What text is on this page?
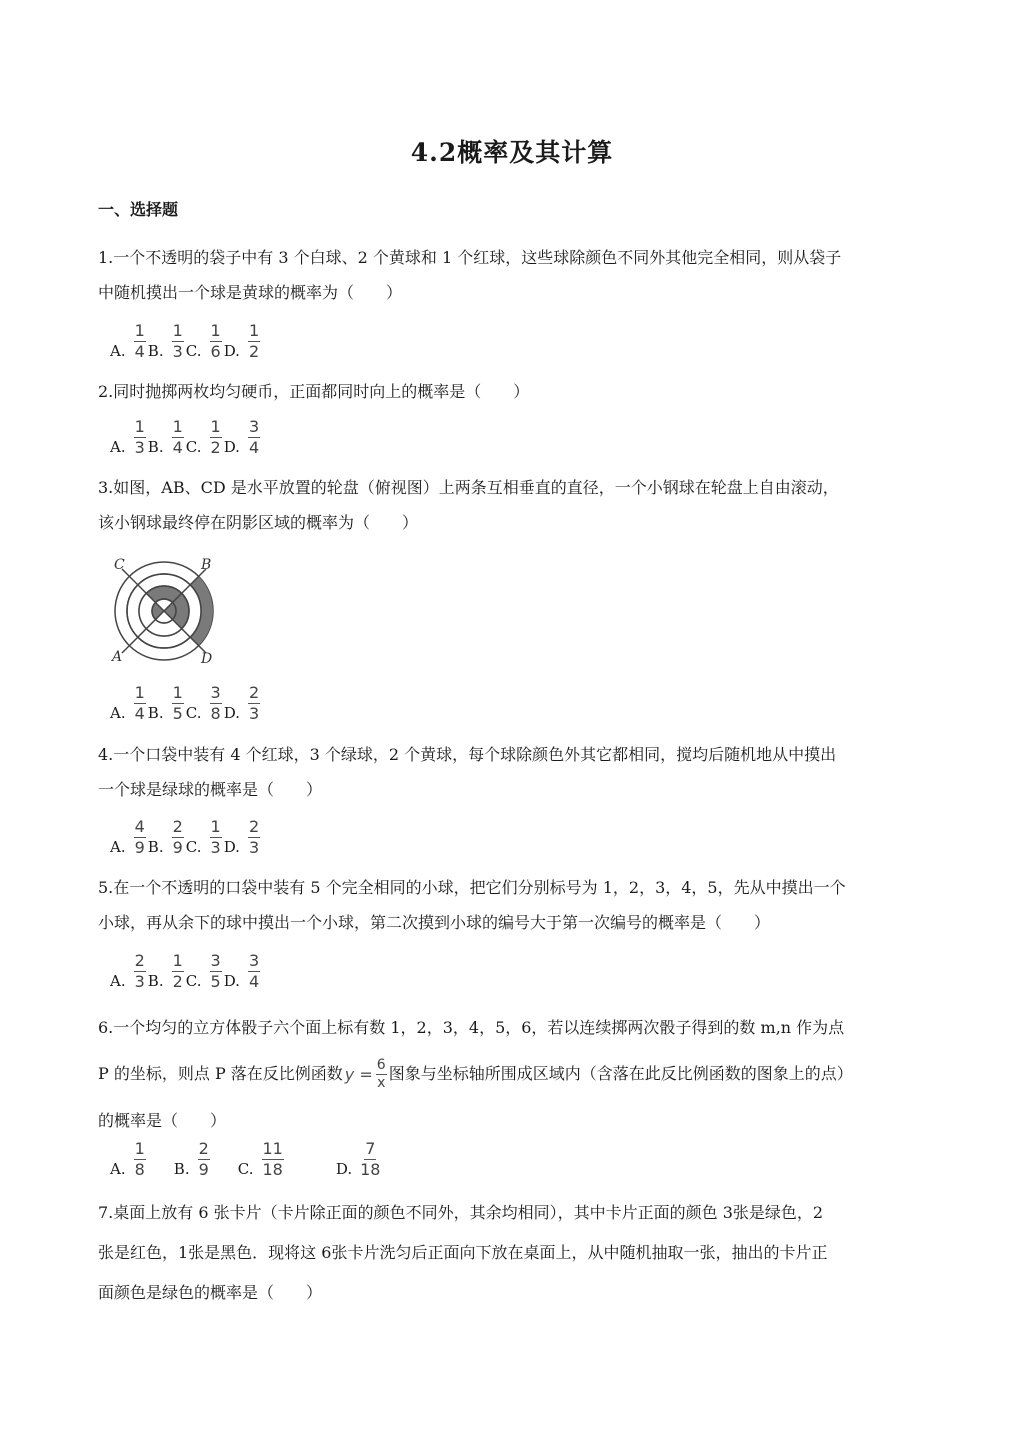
4.2概率及其计算
一、选择题
1.一个不透明的袋子中有 3 个白球、2 个黄球和 1 个红球，这些球除颜色不同外其他完全相同，则从袋子
中随机摸出一个球是黄球的概率为（　　）
A. $\frac{1}{4} B$. $\frac{1}{3} C$. $\frac{1}{6} D$. $\frac{1}{2}$
2.同时抛掷两枚均匀硬币，正面都同时向上的概率是（　　）
A. $\frac{1}{3} B$. $\frac{1}{4} C$. $\frac{1}{2} D$. $\frac{3}{4}$
3.如图，AB、CD 是水平放置的轮盘（俯视图）上两条互相垂直的直径，一个小钢球在轮盘上自由滚动，
该小钢球最终停在阴影区域的概率为（　　）
C	B
A	D
A. $\frac{1}{4} B$. $\frac{1}{5} C$. $\frac{3}{8} D$. $\frac{2}{3}$
4.一个口袋中装有 4 个红球，3 个绿球，2 个黄球，每个球除颜色外其它都相同，搅均后随机地从中摸出
一个球是绿球的概率是（　　）
A. $\frac{4}{9} B$. $\frac{2}{9} C$. $\frac{1}{3} D$. $\frac{2}{3}$
5.在一个不透明的口袋中装有 5 个完全相同的小球，把它们分别标号为 1，2，3，4，5，先从中摸出一个
小球，再从余下的球中摸出一个小球，第二次摸到小球的编号大于第一次编号的概率是（　　）
A. $\frac{2}{3} B$. $\frac{1}{2} C$. $\frac{3}{5} D$. $\frac{3}{4}$
6.一个均匀的立方体骰子六个面上标有数 1，2，3，4，5，6，若以连续掷两次骰子得到的数 m,n 作为点
P 的坐标，则点 P 落在反比例函数 $y = \frac{6}{x}$ 图象与坐标轴所围成区域内（含落在此反比例函数的图象上的点）
的概率是（　　）
A. $\frac{1}{8} B$. $\frac{2}{9} C$. $\frac{11}{18}$	D. $\frac{7}{18}$
7.桌面上放有 6 张卡片（卡片除正面的颜色不同外，其余均相同），其中卡片正面的颜色 3张是绿色，2
张是红色，1张是黑色．现将这 6张卡片洗匀后正面向下放在桌面上，从中随机抽取一张，抽出的卡片正
面颜色是绿色的概率是（　　）
